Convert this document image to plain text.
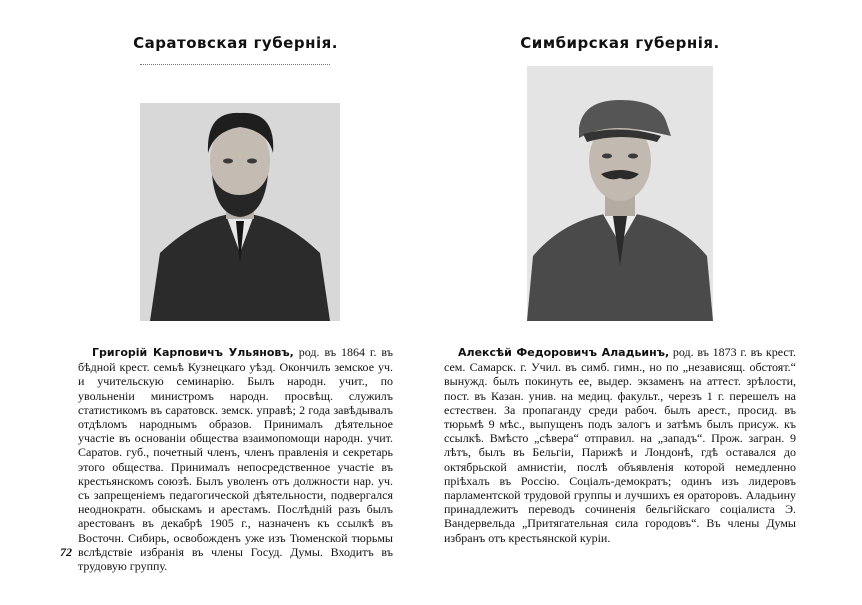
Саратовская губернія.

Григорій Карповичъ Ульяновъ, род. въ 1864 г. въ бѣдной крест. семьѣ Кузнецкаго уѣзд. Окончилъ земское уч. и учительскую семинарію. Былъ народн. учит., по увольненіи министромъ народн. просвѣщ. служилъ статистикомъ въ саратовск. земск. управѣ; 2 года завѣдывалъ отдѣломъ народнымъ образов. Принималъ дѣятельное участіе въ основаніи общества взаимопомощи народн. учит. Саратов. губ., почетный членъ, членъ правленія и секретарь этого общества. Принималъ непосредственное участіе въ крестьянскомъ союзѣ. Былъ уволенъ отъ должности нар. уч. съ запрещеніемъ педагогической дѣятельности, подвергался неоднократн. обыскамъ и арестамъ. Послѣдній разъ былъ арестованъ въ декабрѣ 1905 г., назначенъ къ ссылкѣ въ Восточн. Сибирь, освобожденъ уже изъ Тюменской тюрьмы вслѣдствіе избранія въ члены Госуд. Думы. Входитъ въ трудовую группу.

Симбирская губернія.

Алексѣй Федоровичъ Аладьинъ, род. въ 1873 г. въ крест. сем. Самарск. г. Учил. въ симб. гимн., но по „независящ. обстоят.“ вынужд. былъ покинуть ее, выдер. экзаменъ на аттест. зрѣлости, пост. въ Казан. унив. на медиц. факульт., черезъ 1 г. перешелъ на естествен. За пропаганду среди рабоч. былъ арест., просид. въ тюрьмѣ 9 мѣс., выпущенъ подъ залогъ и затѣмъ былъ присуж. къ ссылкѣ. Вмѣсто „сѣвера“ отправил. на „западъ“. Прож. загран. 9 лѣтъ, былъ въ Бельгіи, Парижѣ и Лондонѣ, гдѣ оставался до октябрьской амнистіи, послѣ объявленія которой немедленно пріѣхалъ въ Россію. Соціалъ-демократъ; одинъ изъ лидеровъ парламентской трудовой группы и лучшихъ ея ораторовъ. Аладьину принадлежитъ переводъ сочиненія бельгійскаго соціалиста Э. Вандервельда „Притягательная сила городовъ“. Въ члены Думы избранъ отъ крестьянской куріи.

72
